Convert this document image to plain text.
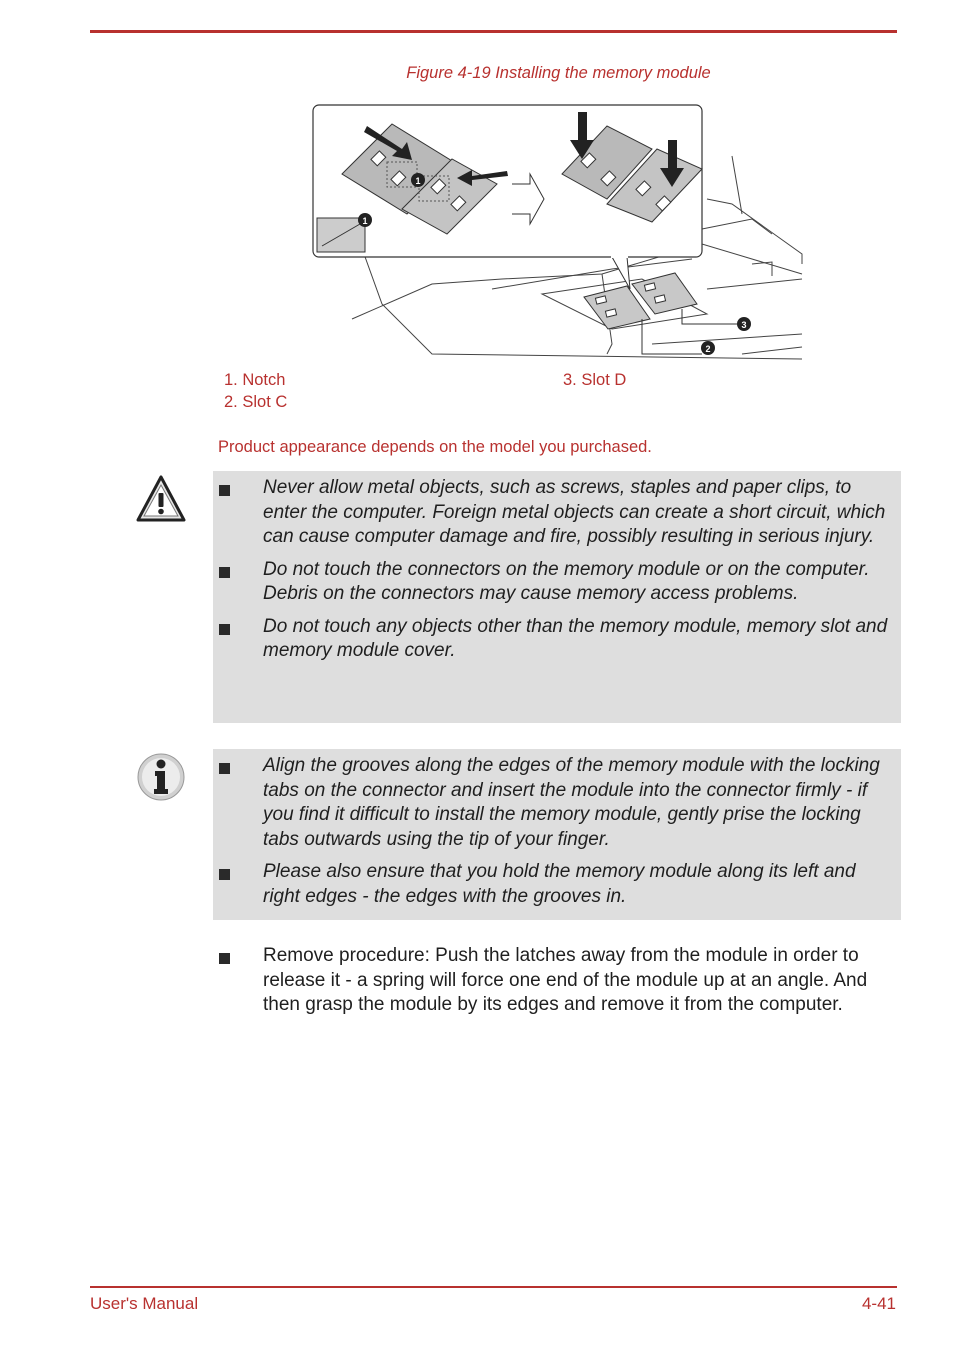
Figure 4-19 Installing the memory module
2
3
1
1
1. Notch
2. Slot C
3. Slot D
Product appearance depends on the model you purchased.
Never allow metal objects, such as screws, staples and paper clips, to enter the computer. Foreign metal objects can create a short circuit, which can cause computer damage and fire, possibly resulting in serious injury.
Do not touch the connectors on the memory module or on the computer. Debris on the connectors may cause memory access problems.
Do not touch any objects other than the memory module, memory slot and memory module cover.
Align the grooves along the edges of the memory module with the locking tabs on the connector and insert the module into the connector firmly - if you find it difficult to install the memory module, gently prise the locking tabs outwards using the tip of your finger.
Please also ensure that you hold the memory module along its left and right edges - the edges with the grooves in.
Remove procedure: Push the latches away from the module in order to release it - a spring will force one end of the module up at an angle. And then grasp the module by its edges and remove it from the computer.
User's Manual	4-41
